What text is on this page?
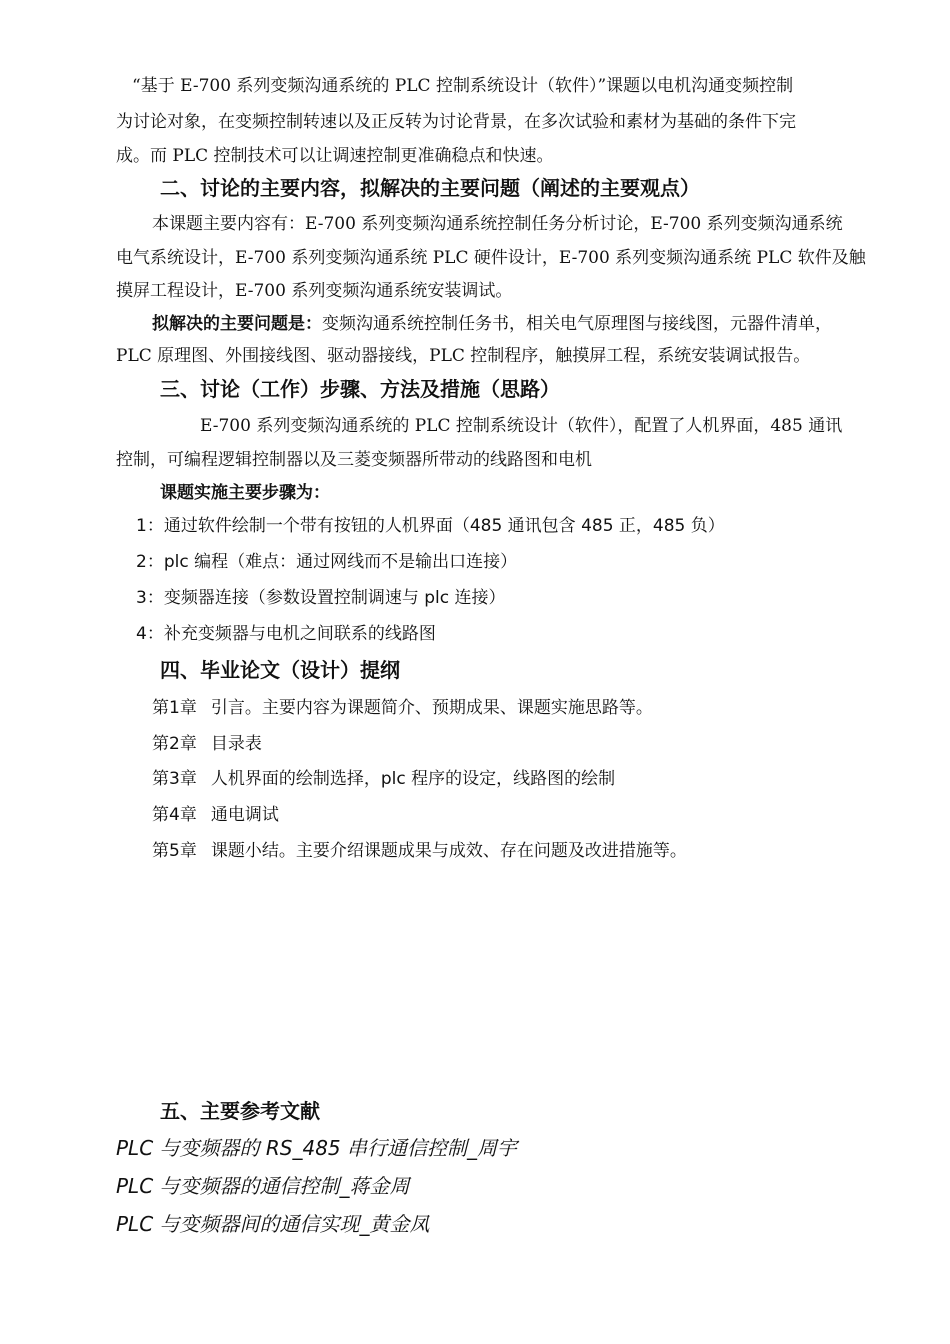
“基于 E-700 系列变频沟通系统的 PLC 控制系统设计（软件）”课题以电机沟通变频控制
为讨论对象，在变频控制转速以及正反转为讨论背景，在多次试验和素材为基础的条件下完
成。而 PLC 控制技术可以让调速控制更准确稳点和快速。
二、讨论的主要内容，拟解决的主要问题（阐述的主要观点）
本课题主要内容有：E-700 系列变频沟通系统控制任务分析讨论，E-700 系列变频沟通系统
电气系统设计，E-700 系列变频沟通系统 PLC 硬件设计，E-700 系列变频沟通系统 PLC 软件及触
摸屏工程设计，E-700 系列变频沟通系统安装调试。
拟解决的主要问题是：变频沟通系统控制任务书，相关电气原理图与接线图，元器件清单，
PLC 原理图、外围接线图、驱动器接线，PLC 控制程序，触摸屏工程，系统安装调试报告。
三、讨论（工作）步骤、方法及措施（思路）
E-700 系列变频沟通系统的 PLC 控制系统设计（软件），配置了人机界面，485 通讯
控制，可编程逻辑控制器以及三菱变频器所带动的线路图和电机
课题实施主要步骤为：
1：通过软件绘制一个带有按钮的人机界面（485 通讯包含 485 正，485 负）
2：plc 编程（难点：通过网线而不是输出口连接）
3：变频器连接（参数设置控制调速与 plc 连接）
4：补充变频器与电机之间联系的线路图
四、毕业论文（设计）提纲
第1章 引言。主要内容为课题简介、预期成果、课题实施思路等。
第2章 目录表
第3章 人机界面的绘制选择，plc 程序的设定，线路图的绘制
第4章 通电调试
第5章 课题小结。主要介绍课题成果与成效、存在问题及改进措施等。
五、主要参考文献
PLC 与变频器的 RS_485 串行通信控制_周宇
PLC 与变频器的通信控制_蒋金周
PLC 与变频器间的通信实现_黄金凤
